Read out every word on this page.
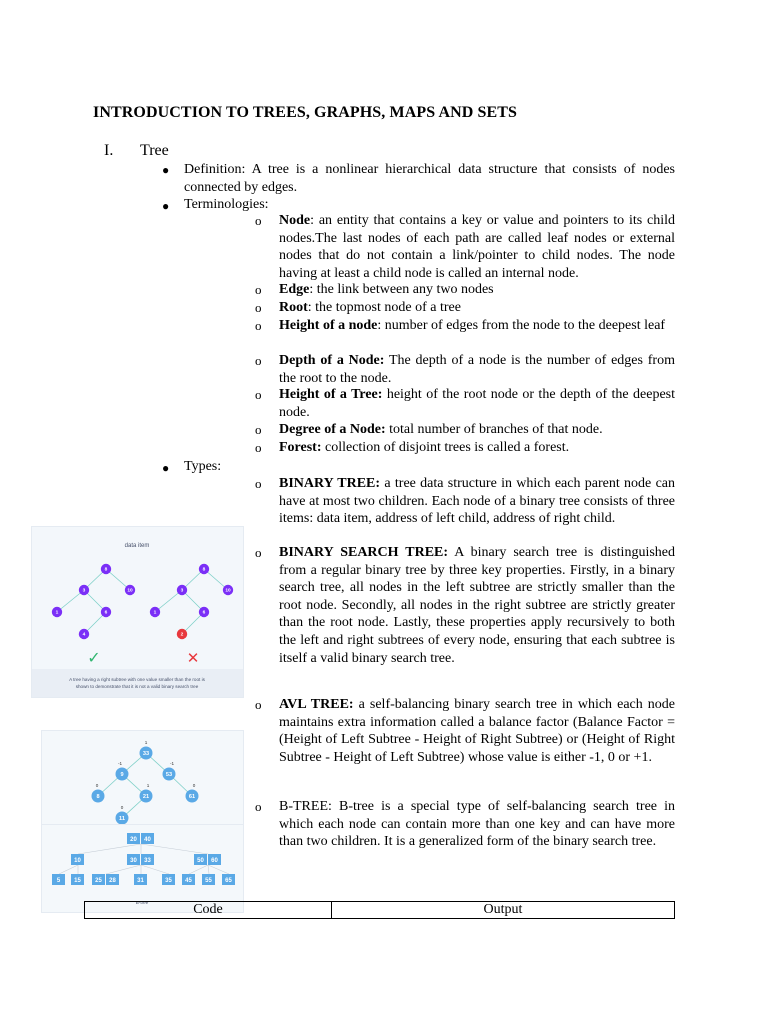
INTRODUCTION TO TREES, GRAPHS, MAPS AND SETS
I. Tree
● Definition: A tree is a nonlinear hierarchical data structure that consists of nodes connected by edges.
● Terminologies:
o Node: an entity that contains a key or value and pointers to its child nodes.The last nodes of each path are called leaf nodes or external nodes that do not contain a link/pointer to child nodes. The node having at least a child node is called an internal node.
o Edge: the link between any two nodes
o Root: the topmost node of a tree
o Height of a node: number of edges from the node to the deepest leaf
o Depth of a Node: The depth of a node is the number of edges from the root to the node.
o Height of a Tree: height of the root node or the depth of the deepest node.
o Degree of a Node: total number of branches of that node.
o Forest: collection of disjoint trees is called a forest.
● Types:
o BINARY TREE: a tree data structure in which each parent node can have at most two children. Each node of a binary tree consists of three items: data item, address of left child, address of right child.
o BINARY SEARCH TREE: A binary search tree is distinguished from a regular binary tree by three key properties. Firstly, in a binary search tree, all nodes in the left subtree are strictly smaller than the root node. Secondly, all nodes in the right subtree are strictly greater than the root node. Lastly, these properties apply recursively to both the left and right subtrees of every node, ensuring that each subtree is itself a valid binary search tree.
o AVL TREE: a self-balancing binary search tree in which each node maintains extra information called a balance factor (Balance Factor = (Height of Left Subtree - Height of Right Subtree) or (Height of Right Subtree - Height of Left Subtree) whose value is either -1, 0 or +1.
o B-TREE: B-tree is a special type of self-balancing search tree in which each node can contain more than one key and can have more than two children. It is a generalized form of the binary search tree.
data item
A tree having a right subtree with one value smaller than the root is
shown to demonstrate that it is not a valid binary search tree
8
3	10
1	6
4
8
3	10
1	6
2
✓	✕
33
9	53
8	21	61
11
1
-1	-1
0	1	0
0
B-tree
20 40
10	30 33	50 60
5 15 25 28	31	35 45 55 65
Code	Output
